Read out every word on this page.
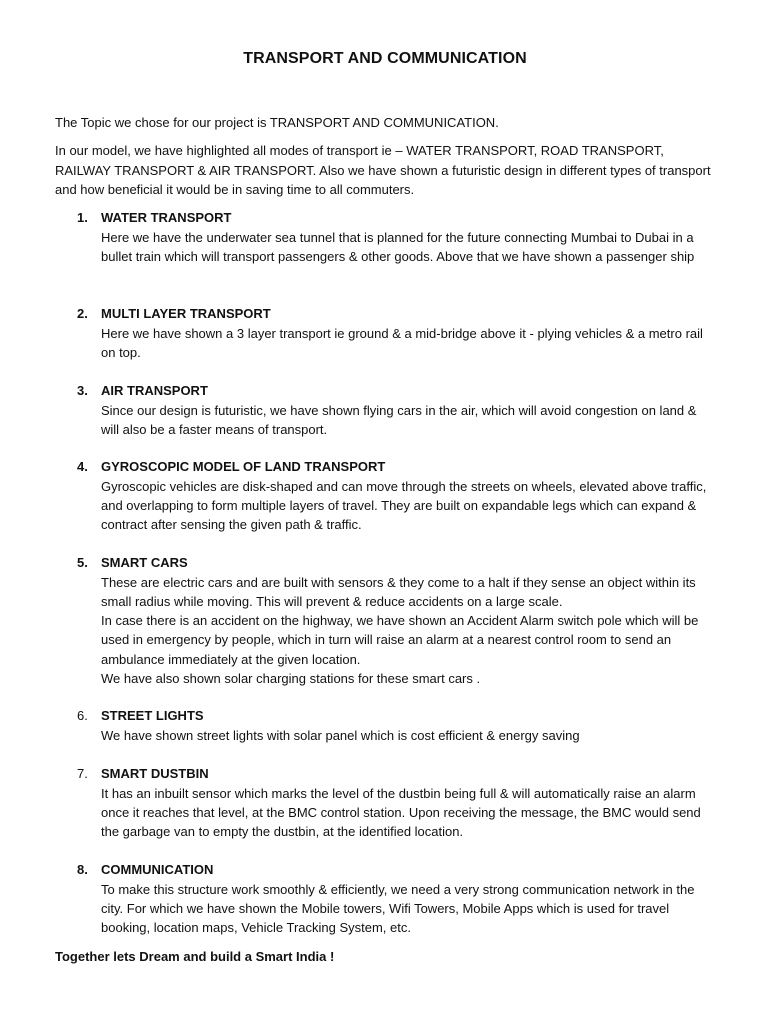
TRANSPORT AND COMMUNICATION
The Topic we chose for our project is TRANSPORT AND COMMUNICATION.
In our model, we have highlighted all modes of transport ie – WATER TRANSPORT, ROAD TRANSPORT, RAILWAY TRANSPORT & AIR TRANSPORT. Also we have shown a futuristic design in different types of transport and how beneficial it would be in saving time to all commuters.
1.	WATER TRANSPORT

Here we have the underwater sea tunnel that is planned for the future connecting Mumbai to Dubai in a bullet train which will transport passengers & other goods. Above that we have shown a passenger ship

2.	MULTI LAYER TRANSPORT

Here we have shown a 3 layer transport ie ground & a mid-bridge above it - plying vehicles & a metro rail on top.

3.	AIR TRANSPORT

Since our design is futuristic, we have shown flying cars in the air, which will avoid congestion on land & will also be a faster means of transport.

4.	GYROSCOPIC MODEL OF LAND TRANSPORT

Gyroscopic vehicles are disk-shaped and can move through the streets on wheels, elevated above traffic, and overlapping to form multiple layers of travel. They are built on expandable legs which can expand & contract after sensing the given path & traffic.

5.	SMART CARS

These are electric cars and are built with sensors & they come to a halt if they sense an object within its small radius while moving. This will prevent & reduce accidents on a large scale.

In case there is an accident on the highway, we have shown an Accident Alarm switch pole which will be used in emergency by people, which in turn will raise an alarm at a nearest control room to send an ambulance immediately at the given location.

We have also shown solar charging stations for these smart cars .

6.	STREET LIGHTS

We have shown street lights with solar panel which is cost efficient & energy saving

7.	SMART DUSTBIN

It has an inbuilt sensor which marks the level of the dustbin being full & will automatically raise an alarm once it reaches that level, at the BMC control station. Upon receiving the message, the BMC would send the garbage van to empty the dustbin, at the identified location.

8.	COMMUNICATION

To make this structure work smoothly & efficiently, we need a very strong communication network in the city. For which we have shown the Mobile towers, Wifi Towers, Mobile Apps which is used for travel booking, location maps, Vehicle Tracking System, etc.

Together lets Dream and build a Smart India !
